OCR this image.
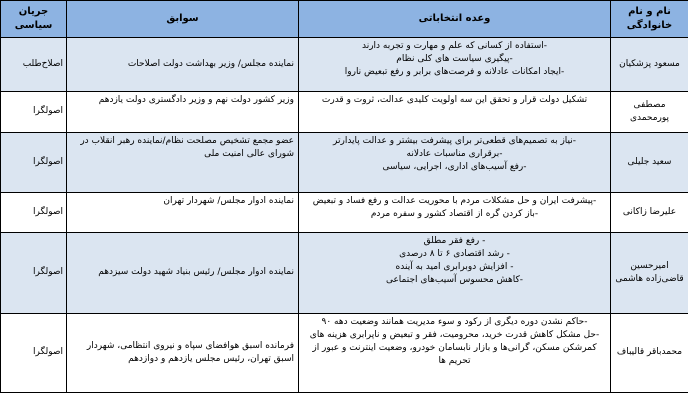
نام و نام خانوادگی	وعده انتخاباتی	سوابق	جریان سیاسی

مسعود پزشکیان	-استفاده از کسانی که علم و مهارت و تجربه دارند
-پیگیری سیاست های کلی نظام
-ایجاد امکانات عادلانه و فرصت‌های برابر و رفع تبعیض ناروا	نماینده مجلس/ وزیر بهداشت دولت اصلاحات	اصلاح‌طلب

مصطفی
پورمحمدی	تشکیل دولت قرار و تحقق این سه اولویت کلیدی عدالت، ثروت و قدرت	وزیر کشور دولت نهم و وزیر دادگستری دولت یازدهم	اصولگرا

سعید جلیلی	-نیاز به تصمیم‌های قطعی‌تر برای پیشرفت بیشتر و عدالت پایدارتر
-برقراری مناسبات عادلانه
-رفع آسیب‌های اداری، اجرایی، سیاسی	عضو مجمع تشخیص مصلحت نظام/نماینده رهبر انقلاب در شورای عالی امنیت ملی	اصولگرا

علیرضا زاکانی	-پیشرفت ایران و حل مشکلات مردم با محوریت عدالت و رفع فساد و تبعیض
-باز کردن گره از اقتصاد کشور و سفره مردم	نماینده ادوار مجلس/ شهردار تهران	اصولگرا

امیرحسین
قاضی‌زاده هاشمی	- رفع فقر مطلق
- رشد اقتصادی ۶ تا ۸ درصدی
- افزایش دوبرابری امید به آینده
-کاهش محسوس آسیب‌های اجتماعی	نماینده ادوار مجلس/ رئیس بنیاد شهید دولت سیزدهم	اصولگرا

محمدباقر قالیباف	-حاکم نشدن دوره دیگری از رکود و سوء مدیریت همانند وضعیت دهه ۹۰
-حل مشکل کاهش قدرت خرید، محرومیت، فقر و تبعیض و ناپرابری هزینه های
کمرشکن مسکن، گرانی‌ها و بازار نابسامان خودرو، وضعیت اینترنت و عبور از
تحریم ها	فرمانده اسبق هوافضای سپاه و نیروی انتظامی، شهردار اسبق تهران، رئیس مجلس یازدهم و دوازدهم	اصولگرا
